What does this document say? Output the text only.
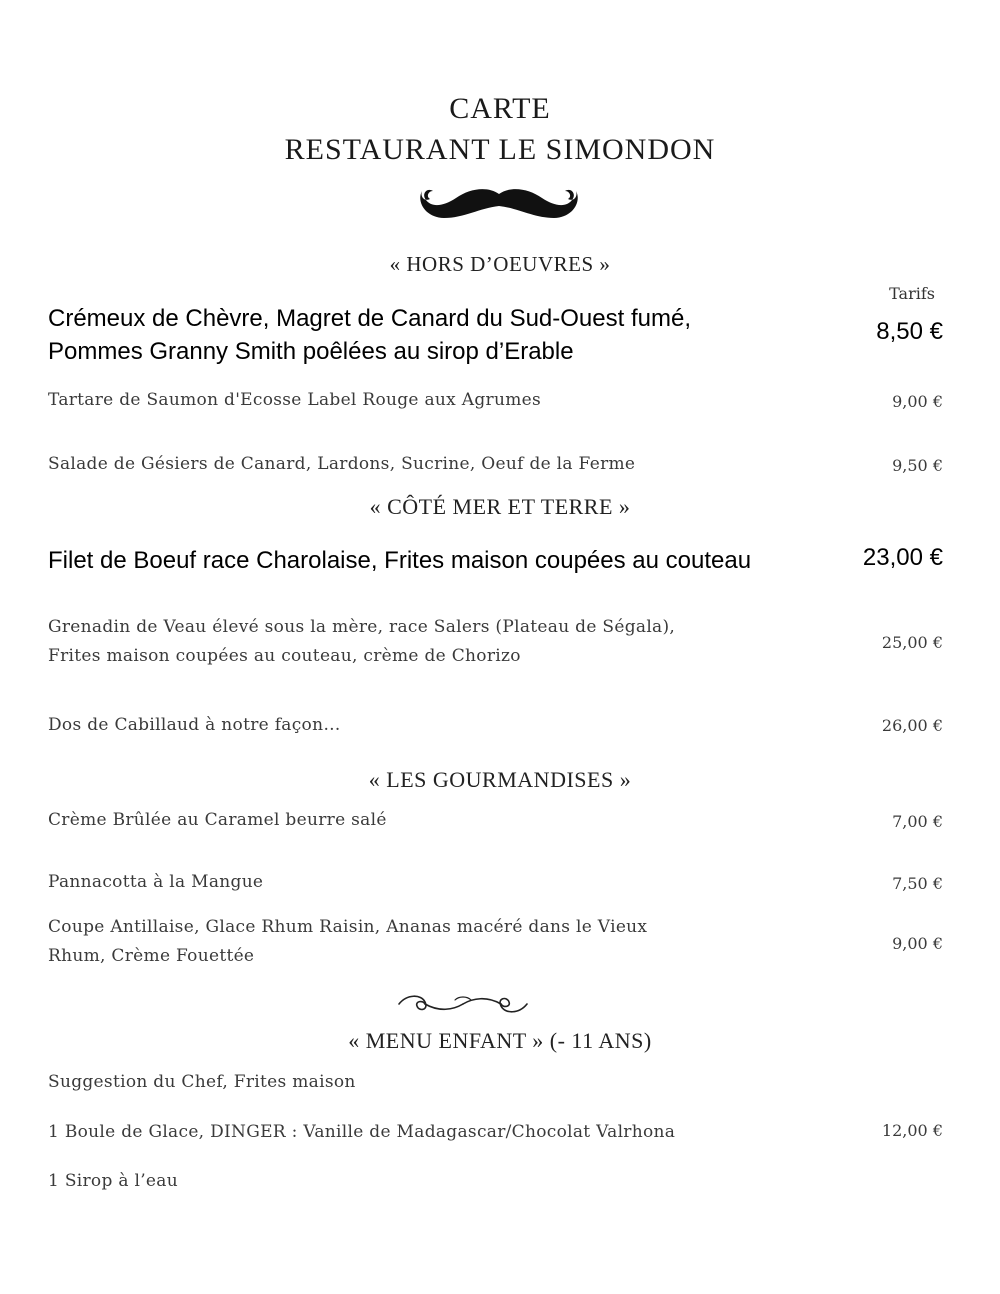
CARTE
RESTAURANT LE SIMONDON
« HORS D’OEUVRES »
Tarifs
Crémeux de Chèvre, Magret de Canard du Sud-Ouest fumé,
Pommes Granny Smith poêlées au sirop d’Erable
8,50 €
Tartare de Saumon d'Ecosse Label Rouge aux Agrumes	9,00 €
Salade de Gésiers de Canard, Lardons, Sucrine, Oeuf de la Ferme	9,50 €
« CÔTÉ MER ET TERRE »
Filet de Boeuf race Charolaise, Frites maison coupées au couteau	23,00 €
Grenadin de Veau élevé sous la mère, race Salers (Plateau de Ségala),
Frites maison coupées au couteau, crème de Chorizo
25,00 €
Dos de Cabillaud à notre façon…	26,00 €
« LES GOURMANDISES »
Crème Brûlée au Caramel beurre salé	7,00 €
Pannacotta à la Mangue	7,50 €
Coupe Antillaise, Glace Rhum Raisin, Ananas macéré dans le Vieux
Rhum, Crème Fouettée
9,00 €
« MENU ENFANT » (- 11 ANS)
Suggestion du Chef, Frites maison
1 Boule de Glace, DINGER : Vanille de Madagascar/Chocolat Valrhona	12,00 €
1 Sirop à l’eau
